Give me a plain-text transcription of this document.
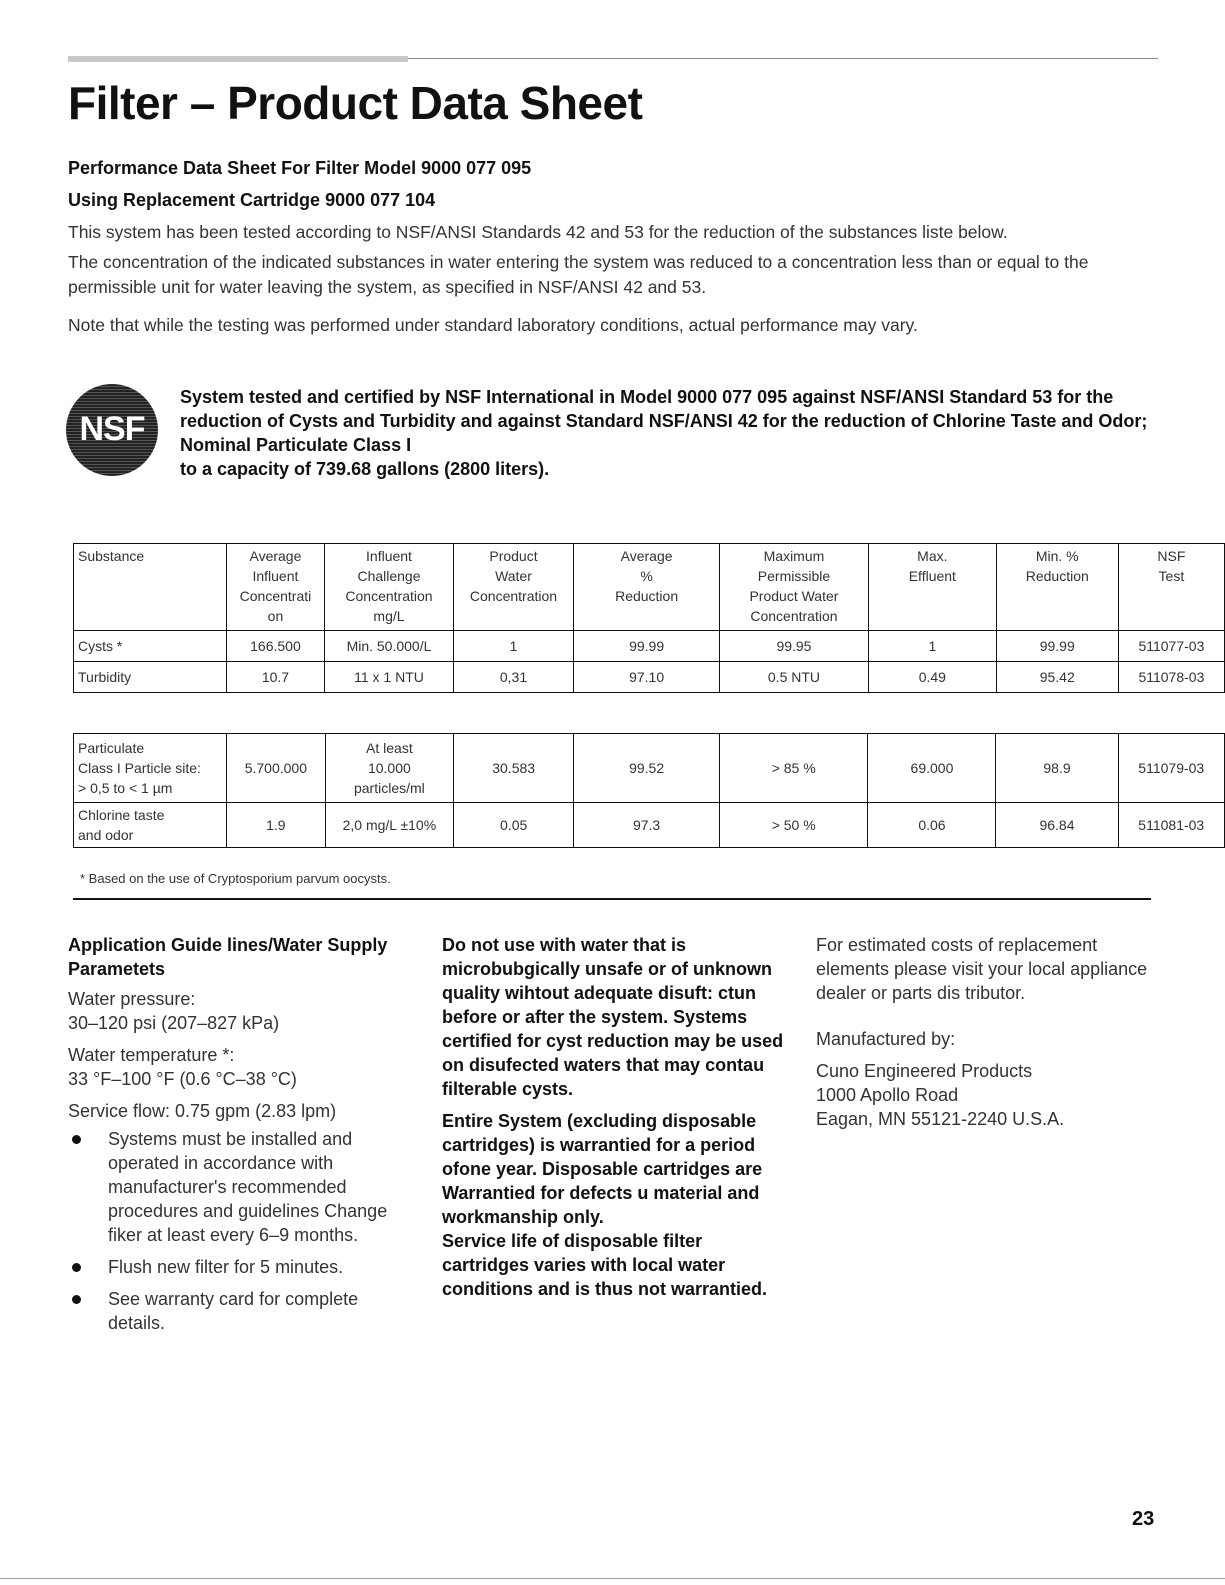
Filter – Product Data Sheet
Performance Data Sheet For Filter Model 9000 077 095
Using Replacement Cartridge 9000 077 104
This system has been tested according to NSF/ANSI Standards 42 and 53 for the reduction of the substances liste below.
The concentration of the indicated substances in water entering the system was reduced to a concentration less than or equal to the permissible unit for water leaving the system, as specified in NSF/ANSI 42 and 53.
Note that while the testing was performed under standard laboratory conditions, actual performance may vary.
NSF
System tested and certified by NSF International in Model 9000 077 095 against NSF/ANSI Standard 53 for the reduction of Cysts and Turbidity and against Standard NSF/ANSI 42 for the reduction of Chlorine Taste and Odor;
Nominal Particulate Class I
to a capacity of 739.68 gallons (2800 liters).
Substance	Average
Influent
Concentrati
on	Influent
Challenge
Concentration
mg/L	Product
Water
Concentration	Average
%
Reduction	Maximum
Permissible
Product Water
Concentration	Max.
Effluent	Min. %
Reduction	NSF
Test
Cysts *	166.500	Min. 50.000/L	1	99.99	99.95	1	99.99	511077-03
Turbidity	10.7	11 x 1 NTU	0,31	97.10	0.5 NTU	0.49	95.42	511078-03
Particulate
Class I Particle site:
> 0,5 to < 1 µm	5.700.000	At least
10.000
particles/ml	30.583	99.52	> 85 %	69.000	98.9	511079-03
Chlorine taste
and odor	1.9	2,0 mg/L ±10%	0.05	97.3	> 50 %	0.06	96.84	511081-03
* Based on the use of Cryptosporium parvum oocysts.
Application Guide lines/Water Supply Parametets
Water pressure:
30–120 psi (207–827 kPa)
Water temperature *:
33 °F–100 °F (0.6 °C–38 °C)
Service flow: 0.75 gpm (2.83 lpm)
Systems must be installed and operated in accordance with manufacturer's recommended procedures and guidelines Change fiker at least every 6–9 months.
Flush new filter for 5 minutes.
See warranty card for complete details.
Do not use with water that is microbubgically unsafe or of unknown quality wihtout adequate disuft: ctun before or after the system. Systems certified for cyst reduction may be used on disufected waters that may contau filterable cysts.
Entire System (excluding disposable cartridges) is warrantied for a period ofone year. Disposable cartridges are Warrantied for defects u material and workmanship only.
Service life of disposable filter cartridges varies with local water conditions and is thus not warrantied.
For estimated costs of replacement elements please visit your local appliance dealer or parts dis tributor.
Manufactured by:
Cuno Engineered Products
1000 Apollo Road
Eagan, MN 55121-2240 U.S.A.
23
